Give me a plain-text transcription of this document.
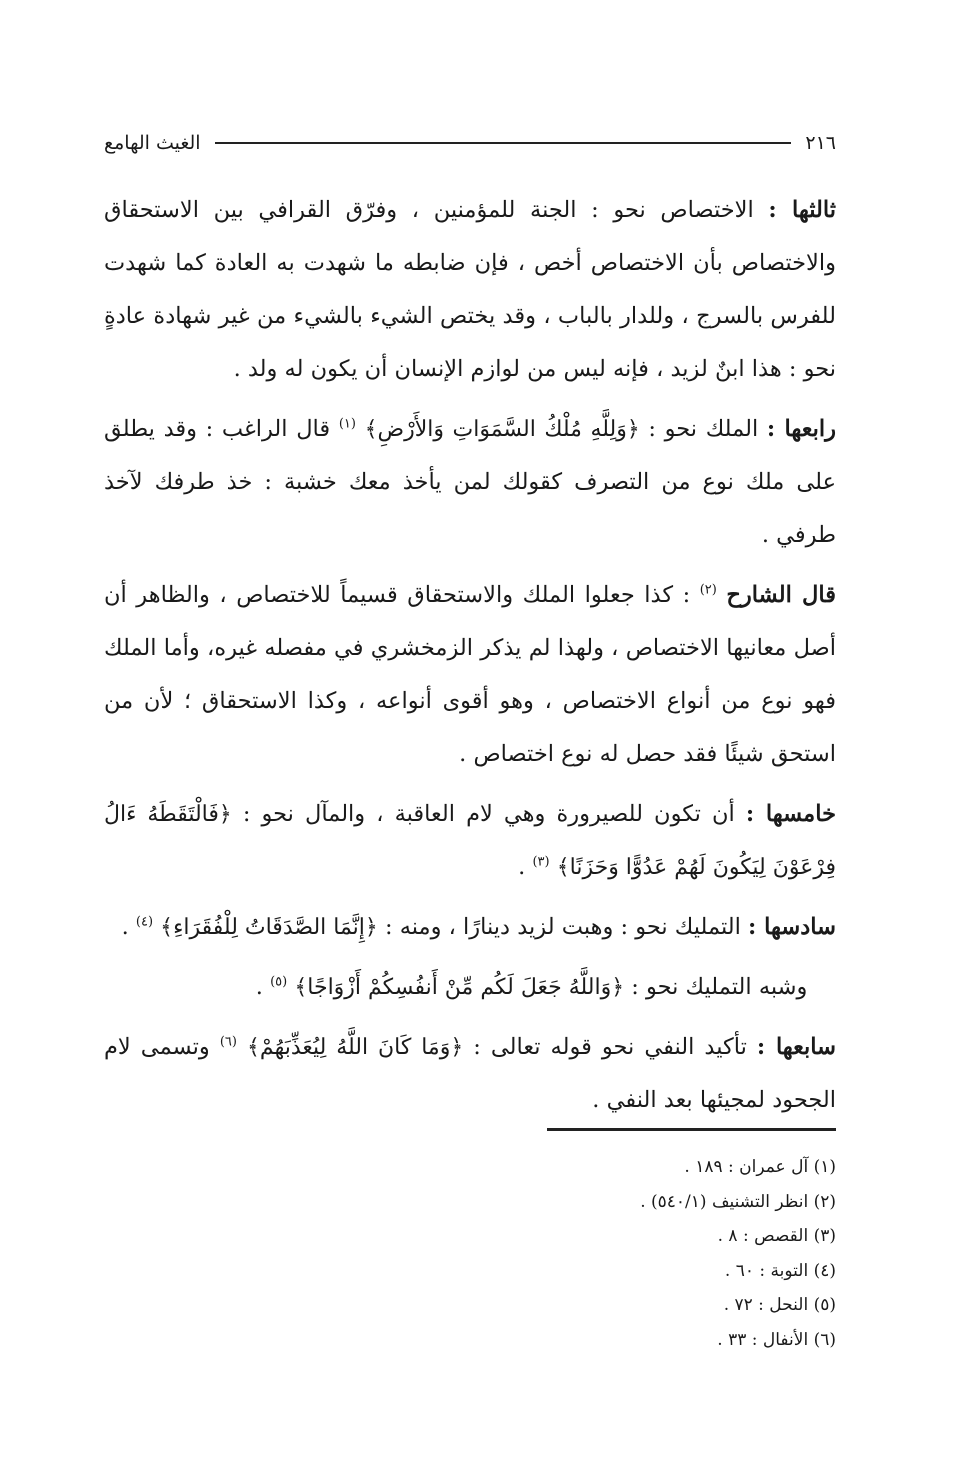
٢١٦
الغيث الهامع

ثالثها : الاختصاص نحو : الجنة للمؤمنين ، وفرّق القرافي بين الاستحقاق والاختصاص بأن الاختصاص أخص ، فإن ضابطه ما شهدت به العادة كما شهدت للفرس بالسرج ، وللدار بالباب ، وقد يختص الشيء بالشيء من غير شهادة عادةٍ نحو : هذا ابنٌ لزيد ، فإنه ليس من لوازم الإنسان أن يكون له ولد .

رابعها : الملك نحو : ﴿وَلِلَّهِ مُلْكُ السَّمَوَاتِ وَالأَرْضِ﴾ $^{(١)}$ قال الراغب : وقد يطلق على ملك نوع من التصرف كقولك لمن يأخذ معك خشبة : خذ طرفك لآخذ طرفي .

قال الشارح $^{(٢)}$ : كذا جعلوا الملك والاستحقاق قسيماً للاختصاص ، والظاهر أن أصل معانيها الاختصاص ، ولهذا لم يذكر الزمخشري في مفصله غيره، وأما الملك فهو نوع من أنواع الاختصاص ، وهو أقوى أنواعه ، وكذا الاستحقاق ؛ لأن من استحق شيئًا فقد حصل له نوع اختصاص .

خامسها : أن تكون للصيرورة وهي لام العاقبة ، والمآل نحو : ﴿فَالْتَقَطَهُ ءَالُ فِرْعَوْنَ لِيَكُونَ لَهُمْ عَدُوًّا وَحَزَنًا﴾ $^{(٣)}$ .

سادسها : التمليك نحو : وهبت لزيد دينارًا ، ومنه : ﴿إِنَّمَا الصَّدَقَاتُ لِلْفُقَرَاءِ﴾ $^{(٤)}$ .

وشبه التمليك نحو : ﴿وَاللَّهُ جَعَلَ لَكُم مِّنْ أَنفُسِكُمْ أَزْوَاجًا﴾ $^{(٥)}$ .

سابعها : تأكيد النفي نحو قوله تعالى : ﴿وَمَا كَانَ اللَّهُ لِيُعَذِّبَهُمْ﴾ $^{(٦)}$ وتسمى لام الجحود لمجيئها بعد النفي .

(١) آل عمران : ١٨٩ .
(٢) انظر التشنيف (٥٤٠/١) .
(٣) القصص : ٨ .
(٤) التوبة : ٦٠ .
(٥) النحل : ٧٢ .
(٦) الأنفال : ٣٣ .
